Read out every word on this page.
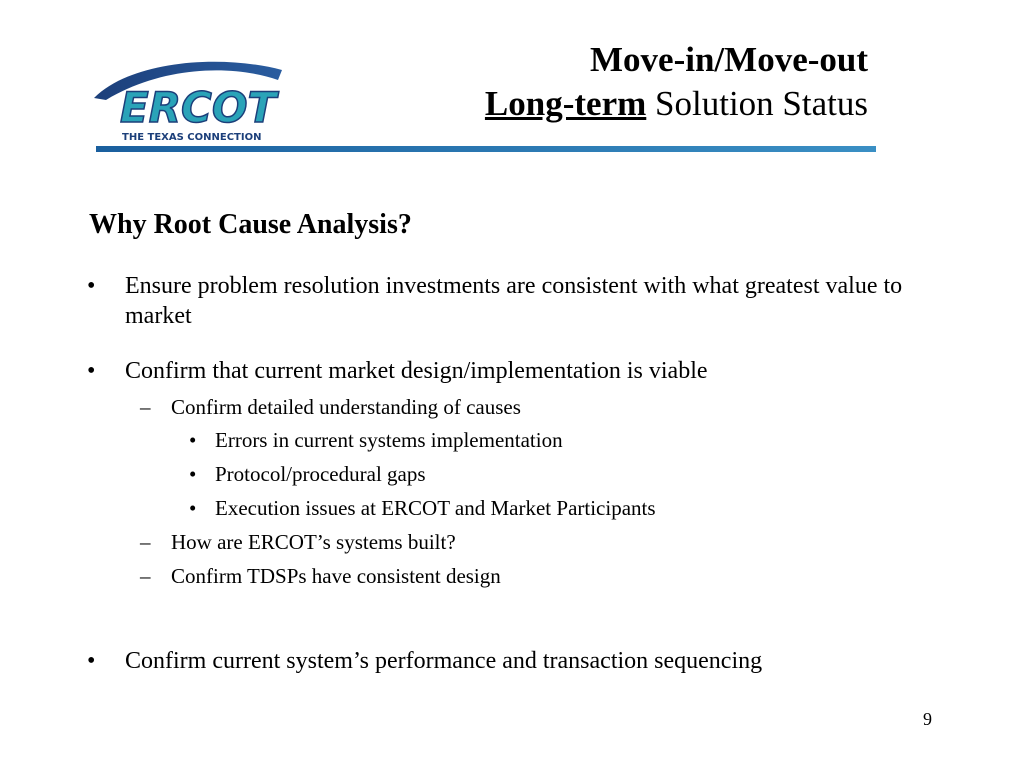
ERCOT
THE TEXAS CONNECTION
Move-in/Move-out
Long-term Solution Status
Why Root Cause Analysis?
• Ensure problem resolution investments are consistent with what greatest value to market
• Confirm that current market design/implementation is viable
– Confirm detailed understanding of causes
• Errors in current systems implementation
• Protocol/procedural gaps
• Execution issues at ERCOT and Market Participants
– How are ERCOT’s systems built?
– Confirm TDSPs have consistent design
• Confirm current system’s performance and transaction sequencing
9
